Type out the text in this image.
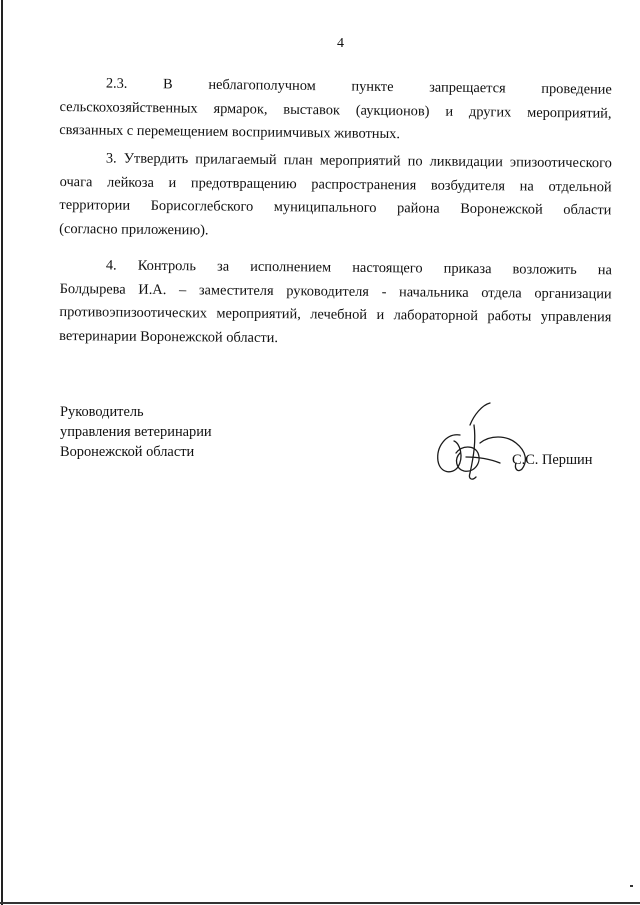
4
2.3. В неблагополучном пункте запрещается проведение
сельскохозяйственных ярмарок, выставок (аукционов) и других мероприятий,
связанных с перемещением восприимчивых животных.
3. Утвердить прилагаемый план мероприятий по ликвидации эпизоотического
очага лейкоза и предотвращению распространения возбудителя на отдельной
территории Борисоглебского муниципального района Воронежской области
(согласно приложению).
4. Контроль за исполнением настоящего приказа возложить на
Болдырева И.А. – заместителя руководителя - начальника отдела организации
противоэпизоотических мероприятий, лечебной и лабораторной работы управления
ветеринарии Воронежской области.
Руководитель
управления ветеринарии
Воронежской области	С.С. Першин
